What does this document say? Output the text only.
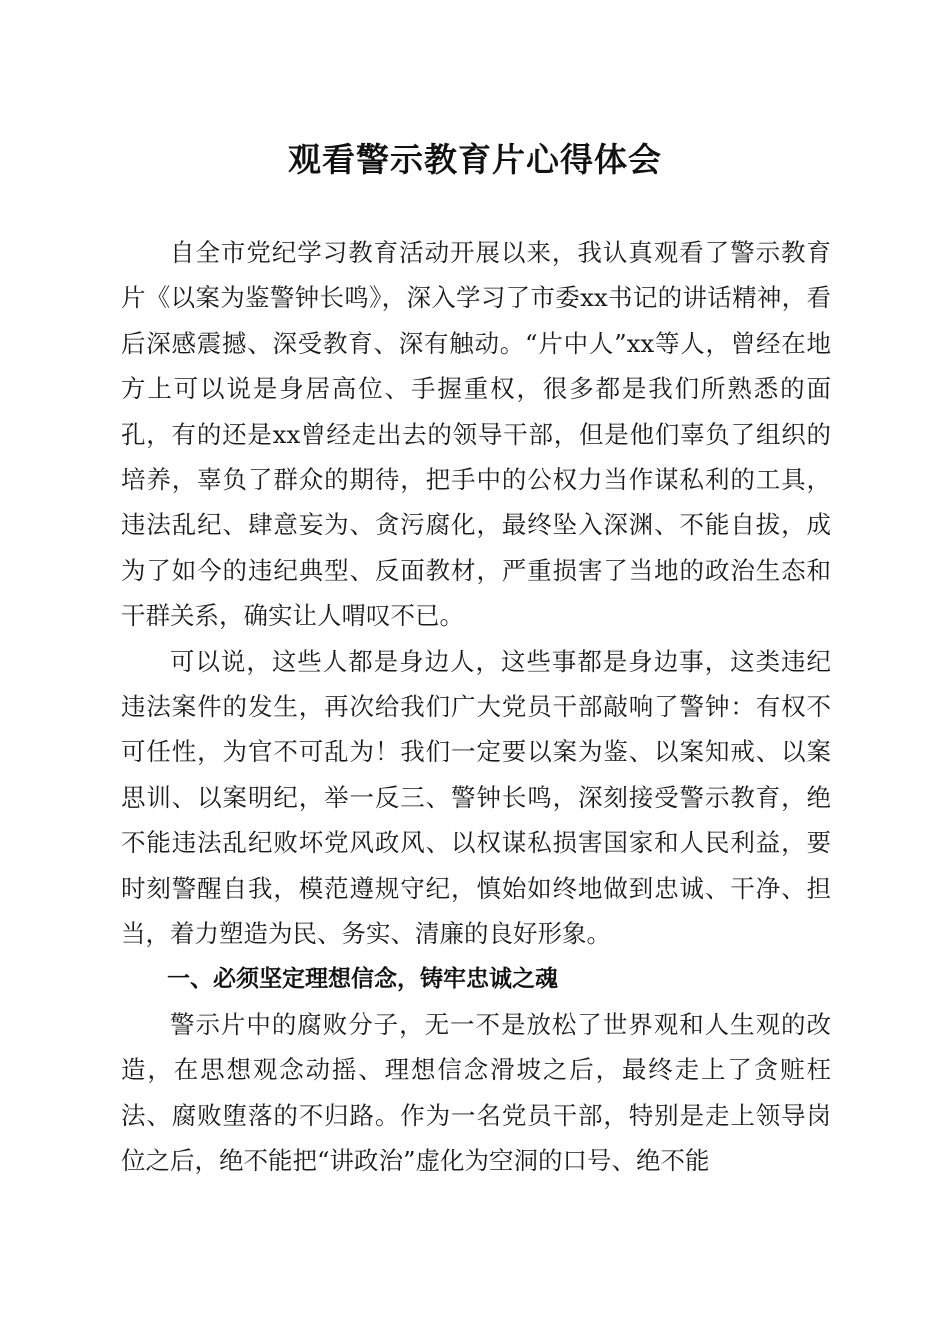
观看警示教育片心得体会

自全市党纪学习教育活动开展以来，我认真观看了警示教育片《以案为鉴警钟长鸣》，深入学习了市委xx书记的讲话精神，看后深感震撼、深受教育、深有触动。“片中人”xx等人，曾经在地方上可以说是身居高位、手握重权，很多都是我们所熟悉的面孔，有的还是xx曾经走出去的领导干部，但是他们辜负了组织的培养，辜负了群众的期待，把手中的公权力当作谋私利的工具，违法乱纪、肆意妄为、贪污腐化，最终坠入深渊、不能自拔，成为了如今的违纪典型、反面教材，严重损害了当地的政治生态和干群关系，确实让人喟叹不已。

可以说，这些人都是身边人，这些事都是身边事，这类违纪违法案件的发生，再次给我们广大党员干部敲响了警钟：有权不可任性，为官不可乱为！我们一定要以案为鉴、以案知戒、以案思训、以案明纪，举一反三、警钟长鸣，深刻接受警示教育，绝不能违法乱纪败坏党风政风、以权谋私损害国家和人民利益，要时刻警醒自我，模范遵规守纪，慎始如终地做到忠诚、干净、担当，着力塑造为民、务实、清廉的良好形象。

一、必须坚定理想信念，铸牢忠诚之魂

警示片中的腐败分子，无一不是放松了世界观和人生观的改造，在思想观念动摇、理想信念滑坡之后，最终走上了贪赃枉法、腐败堕落的不归路。作为一名党员干部，特别是走上领导岗位之后，绝不能把“讲政治”虚化为空洞的口号、绝不能
